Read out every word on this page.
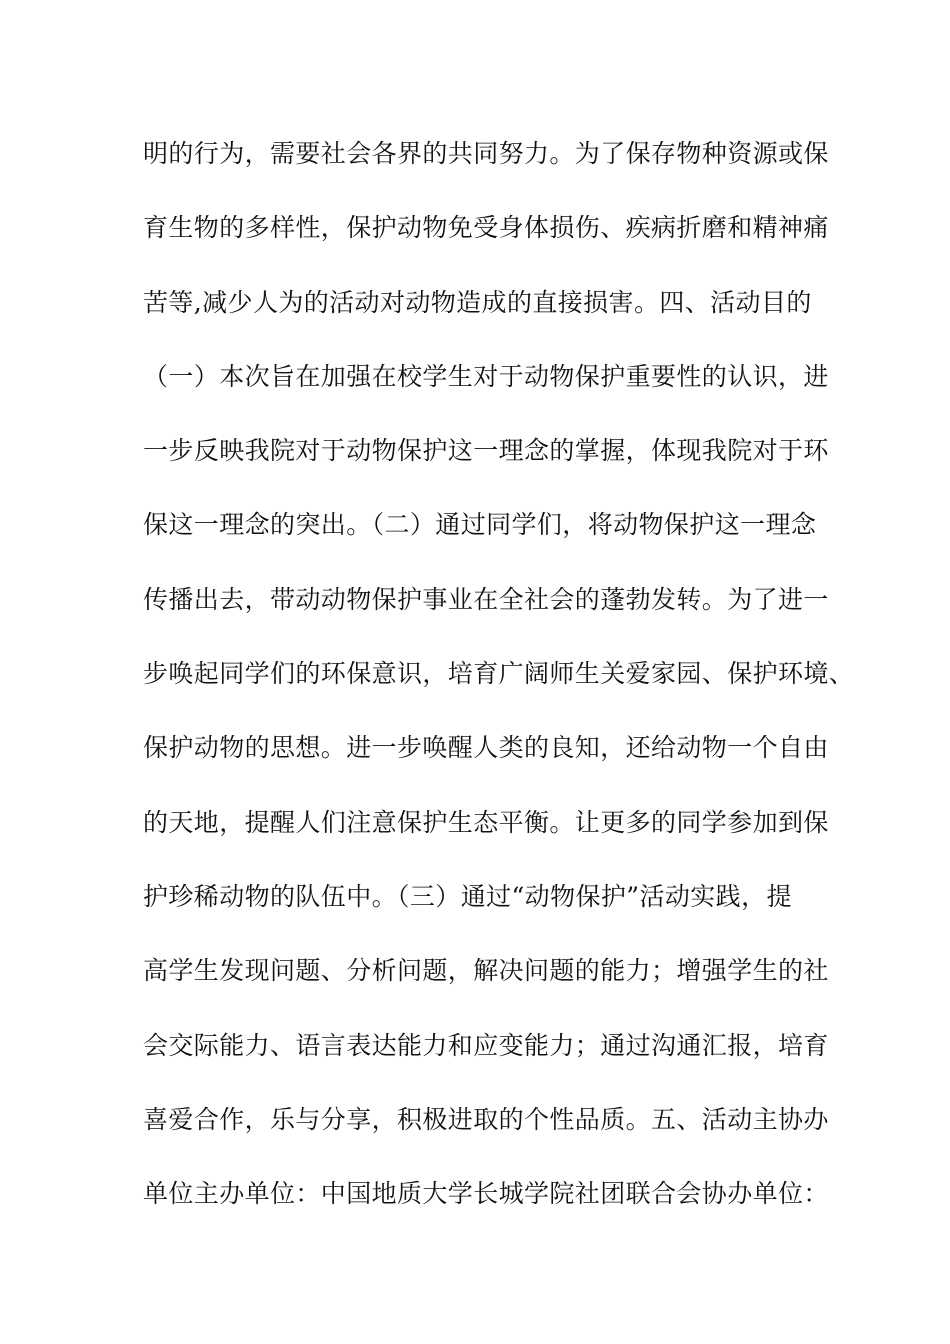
明的行为，需要社会各界的共同努力。为了保存物种资源或保
育生物的多样性，保护动物免受身体损伤、疾病折磨和精神痛
苦等,减少人为的活动对动物造成的直接损害。四、活动目的
（一）本次旨在加强在校学生对于动物保护重要性的认识，进
一步反映我院对于动物保护这一理念的掌握，体现我院对于环
保这一理念的突出。（二）通过同学们，将动物保护这一理念
传播出去，带动动物保护事业在全社会的蓬勃发转。为了进一
步唤起同学们的环保意识，培育广阔师生关爱家园、保护环境、
保护动物的思想。进一步唤醒人类的良知，还给动物一个自由
的天地，提醒人们注意保护生态平衡。让更多的同学参加到保
护珍稀动物的队伍中。（三）通过“动物保护”活动实践，提
高学生发现问题、分析问题，解决问题的能力；增强学生的社
会交际能力、语言表达能力和应变能力；通过沟通汇报，培育
喜爱合作，乐与分享，积极进取的个性品质。五、活动主协办
单位主办单位：中国地质大学长城学院社团联合会协办单位：
